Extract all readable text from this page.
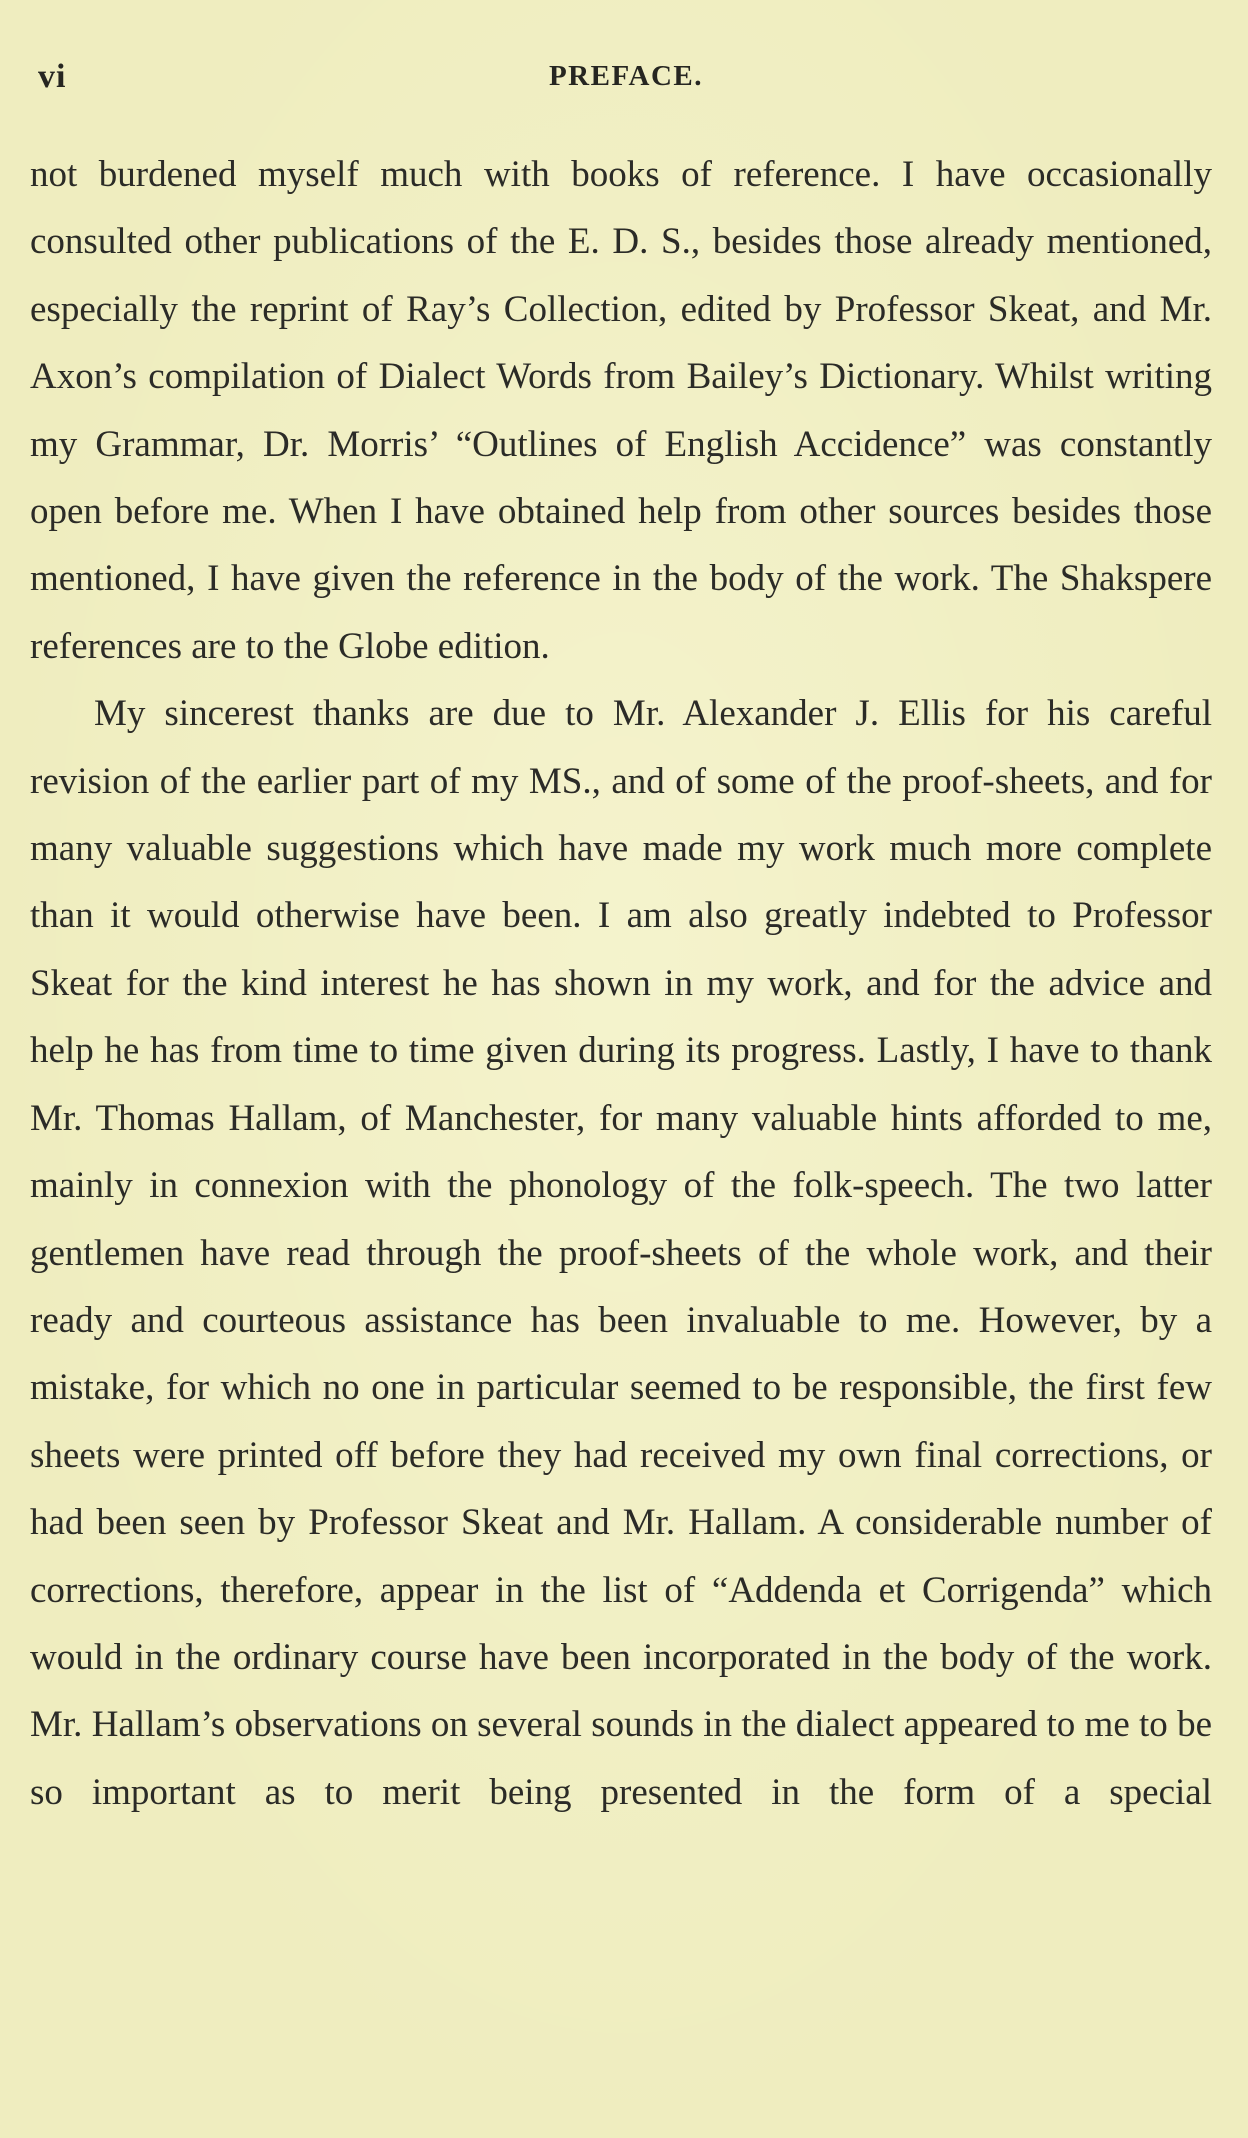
vi	PREFACE.

not burdened myself much with books of reference. I have occasionally consulted other publications of the E. D. S., besides those already mentioned, especially the reprint of Ray’s Collection, edited by Professor Skeat, and Mr. Axon’s compilation of Dialect Words from Bailey’s Dictionary. Whilst writing my Grammar, Dr. Morris’ “Outlines of English Accidence” was constantly open before me. When I have obtained help from other sources besides those mentioned, I have given the reference in the body of the work. The Shakspere references are to the Globe edition.

My sincerest thanks are due to Mr. Alexander J. Ellis for his careful revision of the earlier part of my MS., and of some of the proof-sheets, and for many valuable suggestions which have made my work much more complete than it would otherwise have been. I am also greatly indebted to Professor Skeat for the kind interest he has shown in my work, and for the advice and help he has from time to time given during its progress. Lastly, I have to thank Mr. Thomas Hallam, of Manchester, for many valuable hints afforded to me, mainly in connexion with the phonology of the folk-speech. The two latter gentlemen have read through the proof-sheets of the whole work, and their ready and courteous assistance has been invaluable to me. However, by a mistake, for which no one in particular seemed to be responsible, the first few sheets were printed off before they had received my own final corrections, or had been seen by Professor Skeat and Mr. Hallam. A considerable number of corrections, therefore, appear in the list of “Addenda et Corrigenda” which would in the ordinary course have been incorporated in the body of the work. Mr. Hallam’s observations on several sounds in the dialect appeared to me to be so important as to merit being presented in the form of a special
